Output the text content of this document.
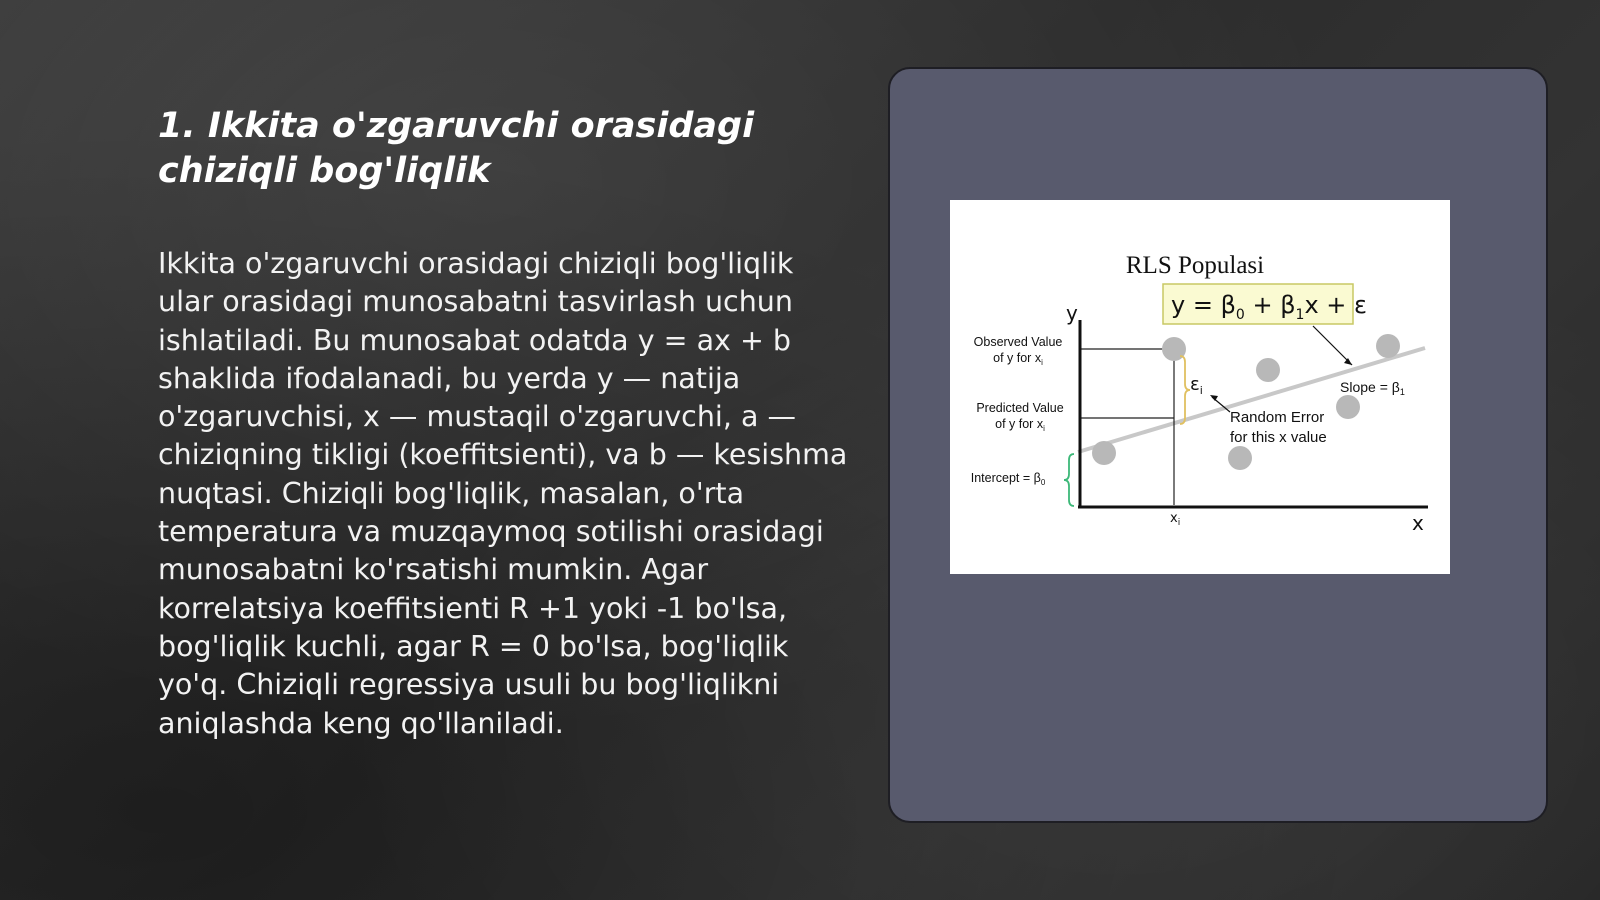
1. Ikkita o'zgaruvchi orasidagi chiziqli bog'liqlik

Ikkita o'zgaruvchi orasidagi chiziqli bog'liqlik ular orasidagi munosabatni tasvirlash uchun ishlatiladi. Bu munosabat odatda y = ax + b shaklida ifodalanadi, bu yerda y — natija o'zgaruvchisi, x — mustaqil o'zgaruvchi, a — chiziqning tikligi (koeffitsienti), va b — kesishma nuqtasi. Chiziqli bog'liqlik, masalan, o'rta temperatura va muzqaymoq sotilishi orasidagi munosabatni ko'rsatishi mumkin. Agar korrelatsiya koeffitsienti R +1 yoki -1 bo'lsa, bog'liqlik kuchli, agar R = 0 bo'lsa, bog'liqlik yo'q. Chiziqli regressiya usuli bu bog'liqlikni aniqlashda keng qo'llaniladi.

RLS Populasi
$y = \beta_0 + \beta_1x + \varepsilon$
y
x
$x_i$
$\varepsilon_i$
Observed Value
of y for $x_i$
Predicted Value
of y for $x_i$
Intercept = $\beta_0$
Slope = $\beta_1$
Random Error
for this x value
